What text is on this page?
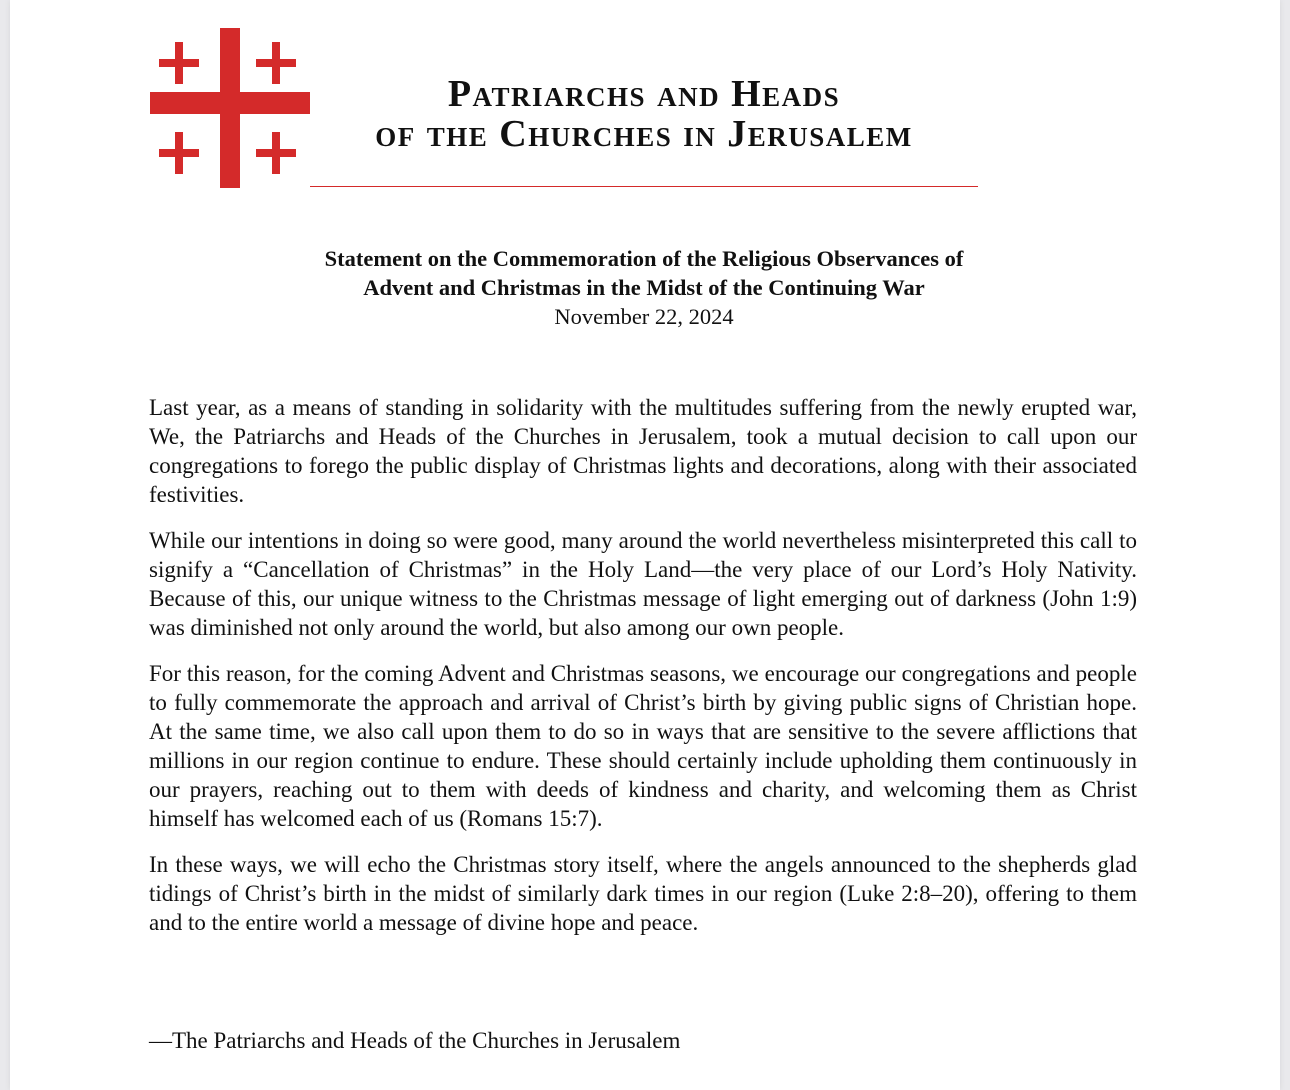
Patriarchs and Heads
of the Churches in Jerusalem
Statement on the Commemoration of the Religious Observances of
Advent and Christmas in the Midst of the Continuing War
November 22, 2024

Last year, as a means of standing in solidarity with the multitudes suffering from the newly erupted war, We, the Patriarchs and Heads of the Churches in Jerusalem, took a mutual decision to call upon our congregations to forego the public display of Christmas lights and decorations, along with their associated festivities.

While our intentions in doing so were good, many around the world nevertheless misinterpreted this call to signify a “Cancellation of Christmas” in the Holy Land—the very place of our Lord’s Holy Nativity. Because of this, our unique witness to the Christmas message of light emerging out of darkness (John 1:9) was diminished not only around the world, but also among our own people.

For this reason, for the coming Advent and Christmas seasons, we encourage our congregations and people to fully commemorate the approach and arrival of Christ’s birth by giving public signs of Christian hope. At the same time, we also call upon them to do so in ways that are sensitive to the severe afflictions that millions in our region continue to endure. These should certainly include upholding them continuously in our prayers, reaching out to them with deeds of kindness and charity, and welcoming them as Christ himself has welcomed each of us (Romans 15:7).

In these ways, we will echo the Christmas story itself, where the angels announced to the shepherds glad tidings of Christ’s birth in the midst of similarly dark times in our region (Luke 2:8–20), offering to them and to the entire world a message of divine hope and peace.

—The Patriarchs and Heads of the Churches in Jerusalem
